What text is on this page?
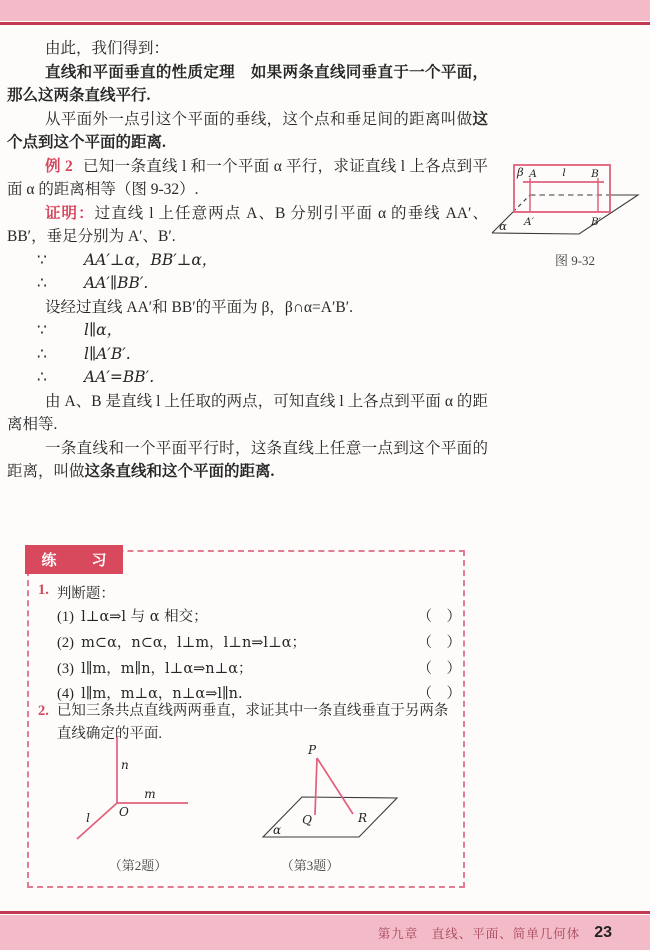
由此，我们得到：

直线和平面垂直的性质定理　如果两条直线同垂直于一个平面，那么这两条直线平行.

从平面外一点引这个平面的垂线，这个点和垂足间的距离叫做这个点到这个平面的距离.

例 2 已知一条直线 l 和一个平面 α 平行，求证直线 l 上各点到平面 α 的距离相等（图 9-32）.

证明：过直线 l 上任意两点 A、B 分别引平面 α 的垂线 AA′、BB′，垂足分别为 A′、B′.

∵ AA′⊥α，BB′⊥α，
∴ AA′∥BB′.

设经过直线 AA′和 BB′的平面为 β，β∩α=A′B′.

∵ l∥α，
∴ l∥A′B′.
∴ AA′=BB′.

由 A、B 是直线 l 上任取的两点，可知直线 l 上各点到平面 α 的距离相等.

一条直线和一个平面平行时，这条直线上任意一点到这个平面的距离，叫做这条直线和这个平面的距离.

β A l B
A′	B′
α
图 9-32
练　习
1. 判断题：
(1) l⊥α⇒l 与 α 相交；	（　）
(2) m⊂α，n⊂α，l⊥m，l⊥n⇒l⊥α；	（　）
(3) l∥m，m∥n，l⊥α⇒n⊥α；	（　）
(4) l∥m，m⊥α，n⊥α⇒l∥n.	（　）
2. 已知三条共点直线两两垂直，求证其中一条直线垂直于另两条直线确定的平面.
n
m
O
l
（第2题）
P
Q	R
α
（第3题）
第九章　直线、平面、简单几何体 23
